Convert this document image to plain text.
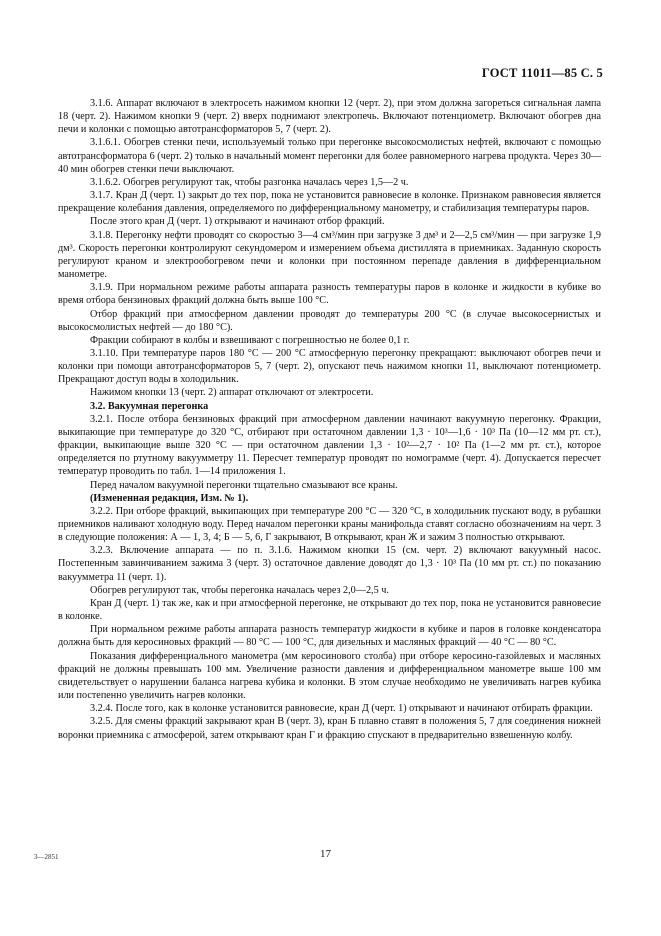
ГОСТ 11011—85 С. 5

3.1.6. Аппарат включают в электросеть нажимом кнопки 12 (черт. 2), при этом должна загореться сигнальная лампа 18 (черт. 2). Нажимом кнопки 9 (черт. 2) вверх поднимают электропечь. Включают потенциометр. Включают обогрев дна печи и колонки с помощью автотрансформаторов 5, 7 (черт. 2).

3.1.6.1. Обогрев стенки печи, используемый только при перегонке высокосмолистых нефтей, включают с помощью автотрансформатора 6 (черт. 2) только в начальный момент перегонки для более равномерного нагрева продукта. Через 30—40 мин обогрев стенки печи выключают.

3.1.6.2. Обогрев регулируют так, чтобы разгонка началась через 1,5—2 ч.

3.1.7. Кран Д (черт. 1) закрыт до тех пор, пока не установится равновесие в колонке. Признаком равновесия является прекращение колебания давления, определяемого по дифференциальному манометру, и стабилизация температуры паров.

После этого кран Д (черт. 1) открывают и начинают отбор фракций.

3.1.8. Перегонку нефти проводят со скоростью 3—4 см³/мин при загрузке 3 дм³ и 2—2,5 см³/мин — при загрузке 1,9 дм³. Скорость перегонки контролируют секундомером и измерением объема дистиллята в приемниках. Заданную скорость регулируют краном и электрообогревом печи и колонки при постоянном перепаде давления в дифференциальном манометре.

3.1.9. При нормальном режиме работы аппарата разность температуры паров в колонке и жидкости в кубике во время отбора бензиновых фракций должна быть выше 100 °С.

Отбор фракций при атмосферном давлении проводят до температуры 200 °С (в случае высокосернистых и высокосмолистых нефтей — до 180 °С).

Фракции собирают в колбы и взвешивают с погрешностью не более 0,1 г.

3.1.10. При температуре паров 180 °С — 200 °С атмосферную перегонку прекращают: выключают обогрев печи и колонки при помощи автотрансформаторов 5, 7 (черт. 2), опускают печь нажимом кнопки 11, выключают потенциометр. Прекращают доступ воды в холодильник.

Нажимом кнопки 13 (черт. 2) аппарат отключают от электросети.

3.2. Вакуумная перегонка

3.2.1. После отбора бензиновых фракций при атмосферном давлении начинают вакуумную перегонку. Фракции, выкипающие при температуре до 320 °С, отбирают при остаточном давлении 1,3 · 10³—1,6 · 10³ Па (10—12 мм рт. ст.), фракции, выкипающие выше 320 °С — при остаточном давлении 1,3 · 10²—2,7 · 10² Па (1—2 мм рт. ст.), которое определяется по ртутному вакуумметру 11. Пересчет температур проводят по номограмме (черт. 4). Допускается пересчет температур проводить по табл. 1—14 приложения 1.

Перед началом вакуумной перегонки тщательно смазывают все краны.

(Измененная редакция, Изм. № 1).

3.2.2. При отборе фракций, выкипающих при температуре 200 °С — 320 °С, в холодильник пускают воду, в рубашки приемников наливают холодную воду. Перед началом перегонки краны манифольда ставят согласно обозначениям на черт. 3 в следующие положения: А — 1, 3, 4; Б — 5, 6, Г закрывают, В открывают, кран Ж и зажим 3 полностью открывают.

3.2.3. Включение аппарата — по п. 3.1.6. Нажимом кнопки 15 (см. черт. 2) включают вакуумный насос. Постепенным завинчиванием зажима 3 (черт. 3) остаточное давление доводят до 1,3 · 10³ Па (10 мм рт. ст.) по показанию вакуумметра 11 (черт. 1).

Обогрев регулируют так, чтобы перегонка началась через 2,0—2,5 ч.

Кран Д (черт. 1) так же, как и при атмосферной перегонке, не открывают до тех пор, пока не установится равновесие в колонке.

При нормальном режиме работы аппарата разность температур жидкости в кубике и паров в головке конденсатора должна быть для керосиновых фракций — 80 °С — 100 °С, для дизельных и масляных фракций — 40 °С — 80 °С.

Показания дифференциального манометра (мм керосинового столба) при отборе керосино-газойлевых и масляных фракций не должны превышать 100 мм. Увеличение разности давления и дифференциальном манометре выше 100 мм свидетельствует о нарушении баланса нагрева кубика и колонки. В этом случае необходимо не увеличивать нагрев кубика или постепенно увеличить нагрев колонки.

3.2.4. После того, как в колонке установится равновесие, кран Д (черт. 1) открывают и начинают отбирать фракции.

3.2.5. Для смены фракций закрывают кран В (черт. 3), кран Б плавно ставят в положения 5, 7 для соединения нижней воронки приемника с атмосферой, затем открывают кран Г и фракцию спускают в предварительно взвешенную колбу.

3—2851	17
